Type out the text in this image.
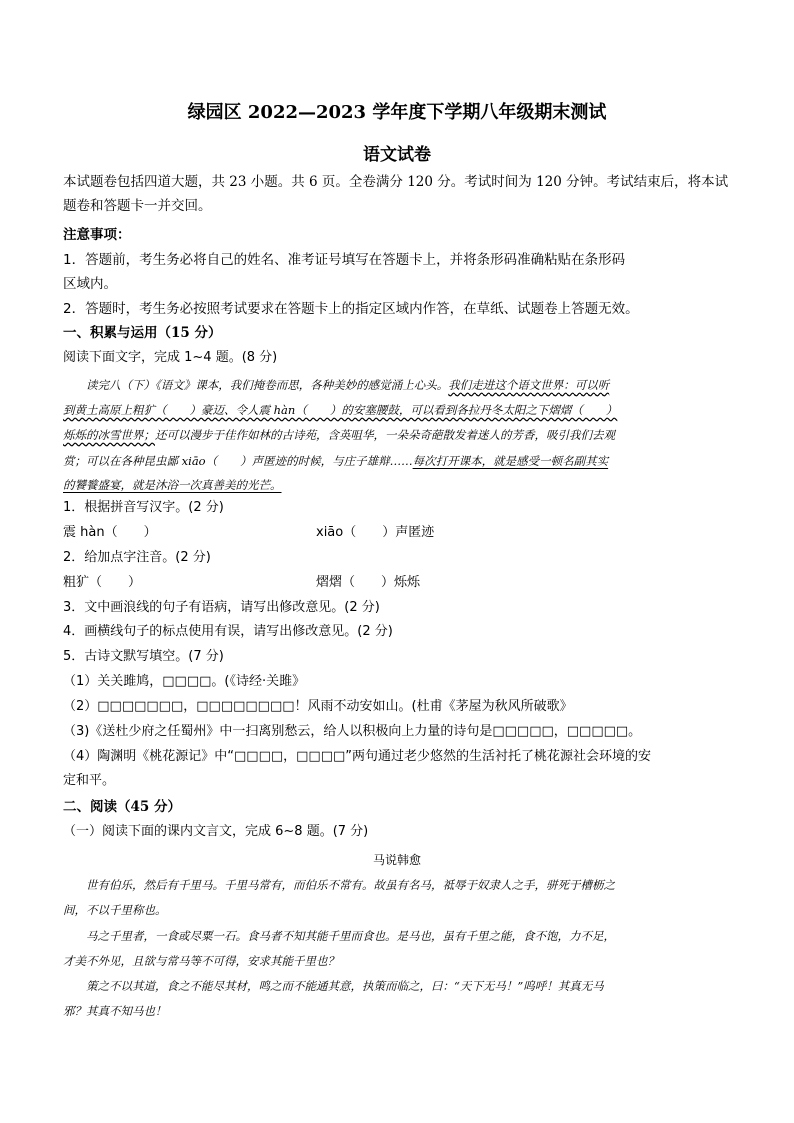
绿园区 2022—2023 学年度下学期八年级期末测试
语文试卷
本试题卷包括四道大题，共 23 小题。共 6 页。全卷满分 120 分。考试时间为 120 分钟。考试结束后，将本试题卷和答题卡一并交回。
注意事项：
1．答题前，考生务必将自己的姓名、准考证号填写在答题卡上，并将条形码准确粘贴在条形码
区域内。
2．答题时，考生务必按照考试要求在答题卡上的指定区域内作答，在草纸、试题卷上答题无效。
一、积累与运用（15 分）
阅读下面文字，完成 1~4 题。(8 分)
读完八（下）《语文》课本，我们掩卷而思，各种美妙的感觉涌上心头。我们走进这个语文世界：可以听
到黄土高原上粗犷（　　）豪迈、令人震 hàn（　　）的安塞腰鼓，可以看到各拉丹冬太阳之下熠熠（　　）
烁烁的冰雪世界；还可以漫步于佳作如林的古诗苑，含英咀华，一朵朵奇葩散发着迷人的芳香，吸引我们去观
赏；可以在各种昆虫鄙 xiāo（　　）声匿迹的时候，与庄子雄辩……每次打开课本，就是感受一顿名副其实
的饕餮盛宴，就是沐浴一次真善美的光芒。
1．根据拼音写汉字。(2 分)
震 hàn（　　）	xiāo（　　）声匿迹
2．给加点字注音。(2 分)
粗犷（　　）	熠熠（　　）烁烁
3．文中画浪线的句子有语病，请写出修改意见。(2 分)
4．画横线句子的标点使用有误，请写出修改意见。(2 分)
5．古诗文默写填空。(7 分)
（1）关关雎鸠，□□□□。(《诗经·关雎》
（2）□□□□□□□，□□□□□□□□！风雨不动安如山。(杜甫《茅屋为秋风所破歌》
（3)《送杜少府之任蜀州》中一扫离别愁云，给人以积极向上力量的诗句是□□□□□，□□□□□。
（4）陶渊明《桃花源记》中“□□□□，□□□□”两句通过老少悠然的生活衬托了桃花源社会环境的安
定和平。
二、阅读（45 分）
（一）阅读下面的课内文言文，完成 6~8 题。(7 分)
马说韩愈
世有伯乐，然后有千里马。千里马常有，而伯乐不常有。故虽有名马，祗辱于奴隶人之手，骈死于槽枥之
间，不以千里称也。
马之千里者，一食或尽粟一石。食马者不知其能千里而食也。是马也，虽有千里之能，食不饱，力不足，
才美不外见，且欲与常马等不可得，安求其能千里也？
策之不以其道，食之不能尽其材，鸣之而不能通其意，执策而临之，曰：“天下无马！”呜呼！其真无马
邪？其真不知马也！
